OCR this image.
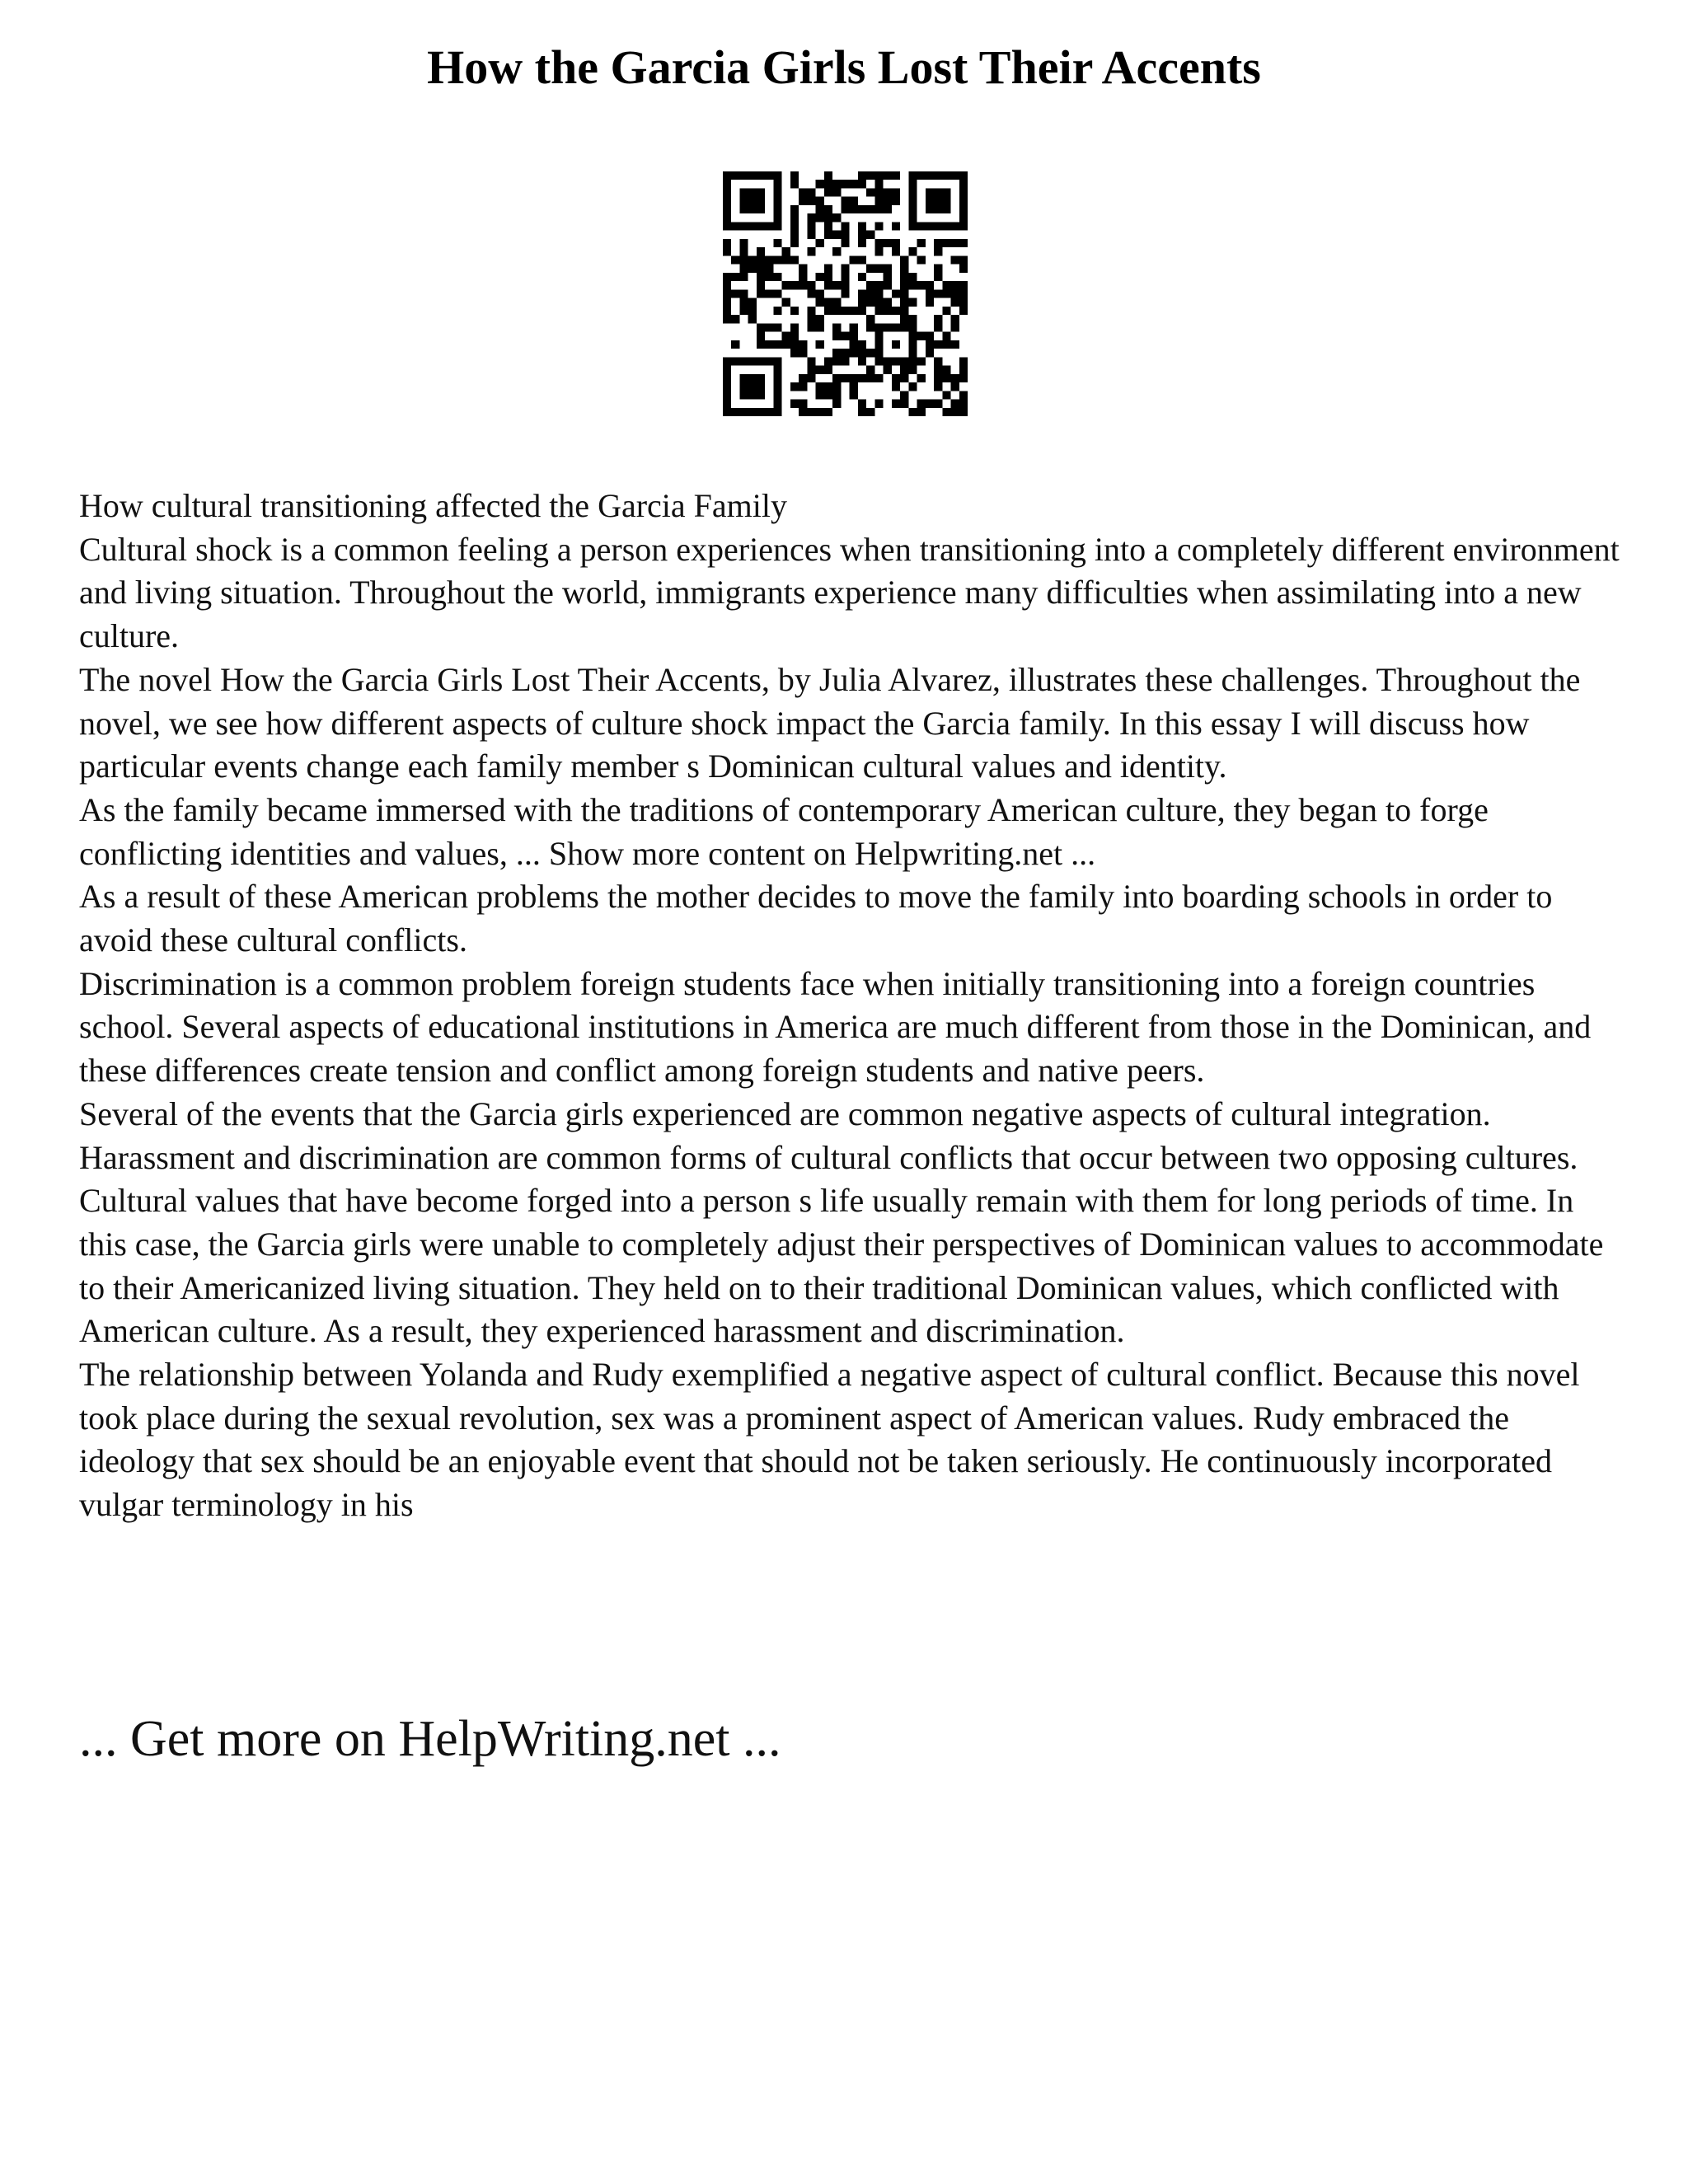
How the Garcia Girls Lost Their Accents

How cultural transitioning affected the Garcia Family

Cultural shock is a common feeling a person experiences when transitioning into a completely different environment and living situation. Throughout the world, immigrants experience many difficulties when assimilating into a new culture.

The novel How the Garcia Girls Lost Their Accents, by Julia Alvarez, illustrates these challenges. Throughout the novel, we see how different aspects of culture shock impact the Garcia family. In this essay I will discuss how particular events change each family member s Dominican cultural values and identity.

As the family became immersed with the traditions of contemporary American culture, they began to forge conflicting identities and values, ... Show more content on Helpwriting.net ...

As a result of these American problems the mother decides to move the family into boarding schools in order to avoid these cultural conflicts.

Discrimination is a common problem foreign students face when initially transitioning into a foreign countries school. Several aspects of educational institutions in America are much different from those in the Dominican, and these differences create tension and conflict among foreign students and native peers.

Several of the events that the Garcia girls experienced are common negative aspects of cultural integration. Harassment and discrimination are common forms of cultural conflicts that occur between two opposing cultures. Cultural values that have become forged into a person s life usually remain with them for long periods of time. In this case, the Garcia girls were unable to completely adjust their perspectives of Dominican values to accommodate to their Americanized living situation. They held on to their traditional Dominican values, which conflicted with American culture. As a result, they experienced harassment and discrimination.

The relationship between Yolanda and Rudy exemplified a negative aspect of cultural conflict. Because this novel took place during the sexual revolution, sex was a prominent aspect of American values. Rudy embraced the ideology that sex should be an enjoyable event that should not be taken seriously. He continuously incorporated vulgar terminology in his

... Get more on HelpWriting.net ...
